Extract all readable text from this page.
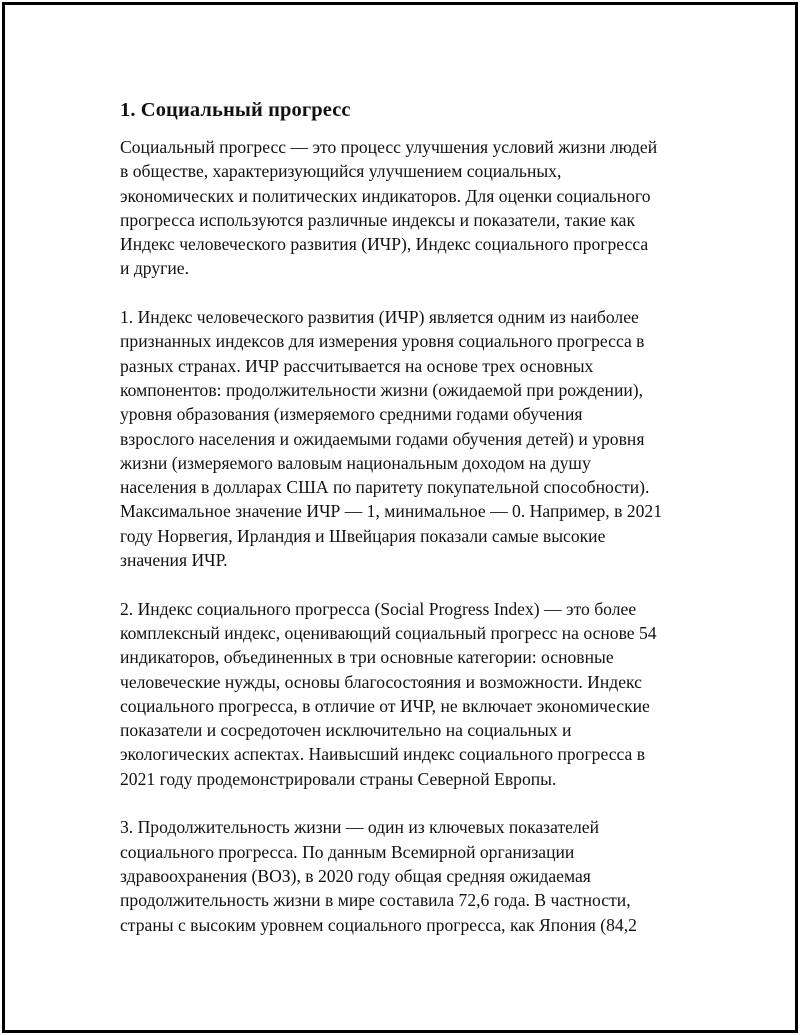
1. Социальный прогресс
Социальный прогресс — это процесс улучшения условий жизни людей
в обществе, характеризующийся улучшением социальных,
экономических и политических индикаторов. Для оценки социального
прогресса используются различные индексы и показатели, такие как
Индекс человеческого развития (ИЧР), Индекс социального прогресса
и другие.
1. Индекс человеческого развития (ИЧР) является одним из наиболее
признанных индексов для измерения уровня социального прогресса в
разных странах. ИЧР рассчитывается на основе трех основных
компонентов: продолжительности жизни (ожидаемой при рождении),
уровня образования (измеряемого средними годами обучения
взрослого населения и ожидаемыми годами обучения детей) и уровня
жизни (измеряемого валовым национальным доходом на душу
населения в долларах США по паритету покупательной способности).
Максимальное значение ИЧР — 1, минимальное — 0. Например, в 2021
году Норвегия, Ирландия и Швейцария показали самые высокие
значения ИЧР.
2. Индекс социального прогресса (Social Progress Index) — это более
комплексный индекс, оценивающий социальный прогресс на основе 54
индикаторов, объединенных в три основные категории: основные
человеческие нужды, основы благосостояния и возможности. Индекс
социального прогресса, в отличие от ИЧР, не включает экономические
показатели и сосредоточен исключительно на социальных и
экологических аспектах. Наивысший индекс социального прогресса в
2021 году продемонстрировали страны Северной Европы.
3. Продолжительность жизни — один из ключевых показателей
социального прогресса. По данным Всемирной организации
здравоохранения (ВОЗ), в 2020 году общая средняя ожидаемая
продолжительность жизни в мире составила 72,6 года. В частности,
страны с высоким уровнем социального прогресса, как Япония (84,2
